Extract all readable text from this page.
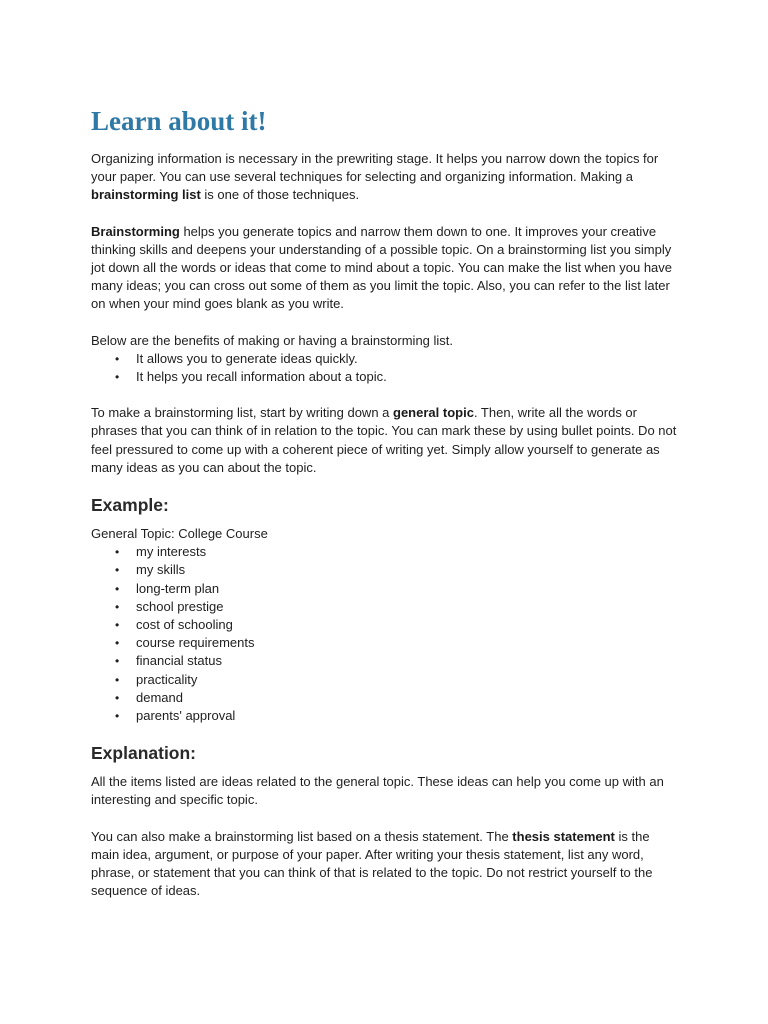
Learn about it!

Organizing information is necessary in the prewriting stage. It helps you narrow down the topics for your paper. You can use several techniques for selecting and organizing information. Making a brainstorming list is one of those techniques.

Brainstorming helps you generate topics and narrow them down to one. It improves your creative thinking skills and deepens your understanding of a possible topic. On a brainstorming list you simply jot down all the words or ideas that come to mind about a topic. You can make the list when you have many ideas; you can cross out some of them as you limit the topic. Also, you can refer to the list later on when your mind goes blank as you write.

Below are the benefits of making or having a brainstorming list.

• It allows you to generate ideas quickly.
• It helps you recall information about a topic.

To make a brainstorming list, start by writing down a general topic. Then, write all the words or phrases that you can think of in relation to the topic. You can mark these by using bullet points. Do not feel pressured to come up with a coherent piece of writing yet. Simply allow yourself to generate as many ideas as you can about the topic.

Example:

General Topic: College Course

• my interests
• my skills
• long-term plan
• school prestige
• cost of schooling
• course requirements
• financial status
• practicality
• demand
• parents' approval
Explanation:

All the items listed are ideas related to the general topic. These ideas can help you come up with an interesting and specific topic.

You can also make a brainstorming list based on a thesis statement. The thesis statement is the main idea, argument, or purpose of your paper. After writing your thesis statement, list any word, phrase, or statement that you can think of that is related to the topic. Do not restrict yourself to the sequence of ideas.
